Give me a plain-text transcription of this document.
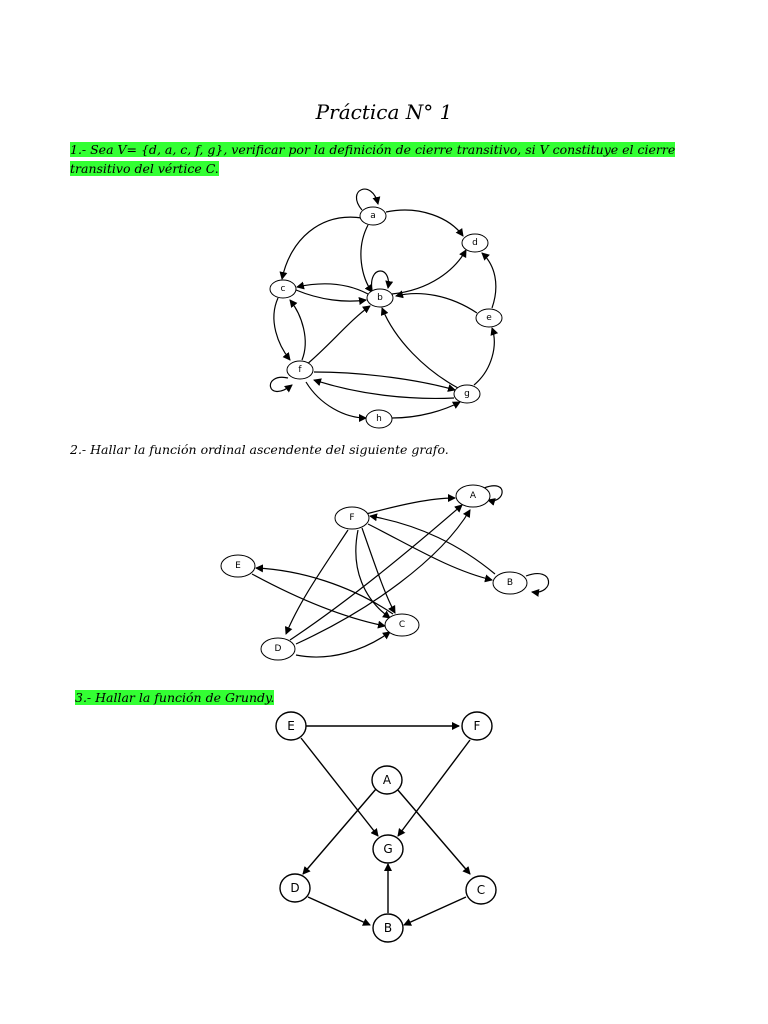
Práctica N° 1
1.- Sea V= {d, a, c, f, g}, verificar por la definición de cierre transitivo, si V constituye el cierre
transitivo del vértice C.
a
b
c
d
e
f
g
h
A
B
C
D
E
F
A
B
C
D
E	F
G
2.- Hallar la función ordinal ascendente del siguiente grafo.
3.- Hallar la función de Grundy.
